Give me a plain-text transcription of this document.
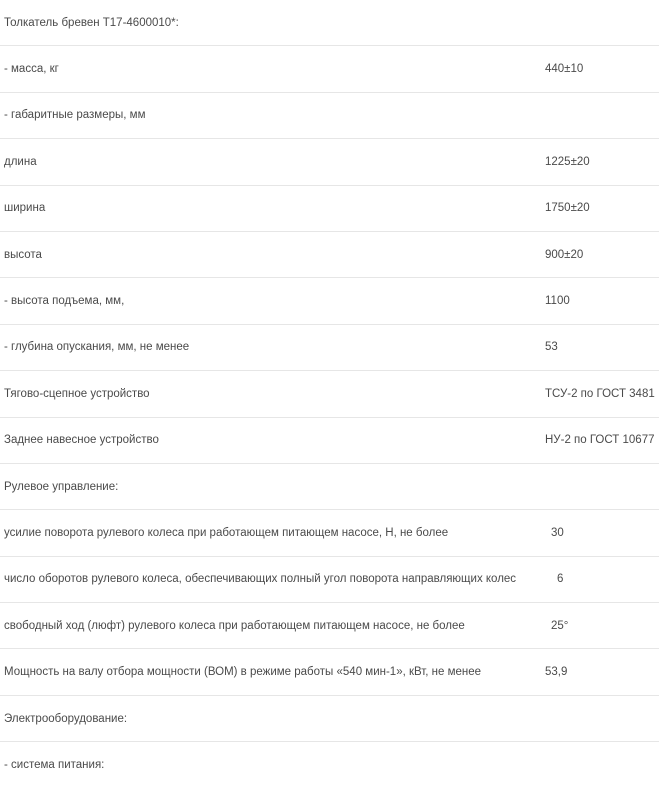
Толкатель бревен Т17-4600010*:
- масса, кг	440±10
- габаритные размеры, мм
длина	1225±20
ширина	1750±20
высота	900±20
- высота подъема, мм,	1100
- глубина опускания, мм, не менее	53
Тягово-сцепное устройство	ТСУ-2 по ГОСТ 3481
Заднее навесное устройство	НУ-2 по ГОСТ 10677
Рулевое управление:
усилие поворота рулевого колеса при работающем питающем насосе, Н, не более	30
число оборотов рулевого колеса, обеспечивающих полный угол поворота направляющих колес	6
свободный ход (люфт) рулевого колеса при работающем питающем насосе, не более	25°
Мощность на валу отбора мощности (ВОМ) в режиме работы «540 мин-1», кВт, не менее	53,9
Электрооборудование:
- система питания:
